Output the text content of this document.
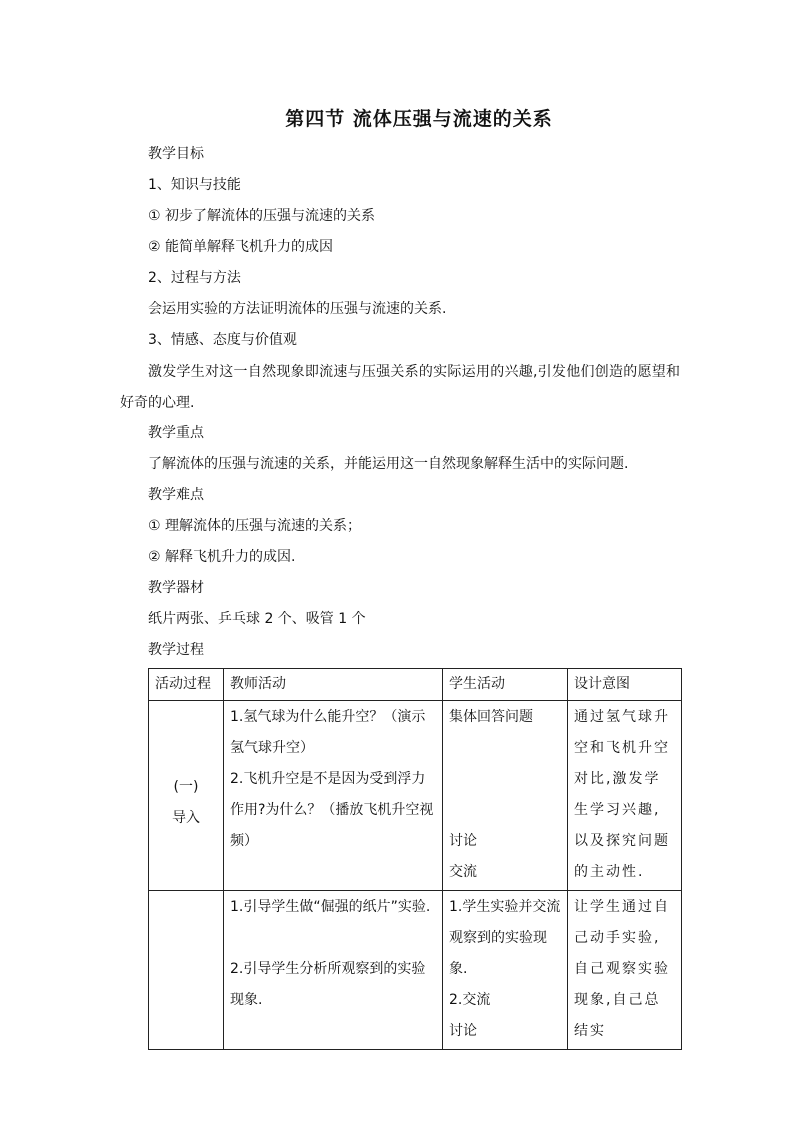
第四节 流体压强与流速的关系
教学目标
1、知识与技能
① 初步了解流体的压强与流速的关系
② 能简单解释飞机升力的成因
2、过程与方法
会运用实验的方法证明流体的压强与流速的关系.
3、情感、态度与价值观
激发学生对这一自然现象即流速与压强关系的实际运用的兴趣,引发他们创造的愿望和好奇的心理.
教学重点
了解流体的压强与流速的关系，并能运用这一自然现象解释生活中的实际问题.
教学难点
① 理解流体的压强与流速的关系；
② 解释飞机升力的成因.
教学器材
纸片两张、乒乓球 2 个、吸管 1 个
教学过程
活动过程	教师活动	学生活动	设计意图

(一)
导入	1.氢气球为什么能升空？（演示氢气球升空）
2.飞机升空是不是因为受到浮力作用?为什么？（播放飞机升空视频）	集体回答问题

讨论
交流	通过氢气球升空和飞机升空对比,激发学生学习兴趣,以及探究问题的主动性.

	1.引导学生做“倔强的纸片”实验.

2.引导学生分析所观察到的实验现象.	1.学生实验并交流观察到的实验现象.
2.交流
讨论	让学生通过自己动手实验,自己观察实验现象,自己总结实
